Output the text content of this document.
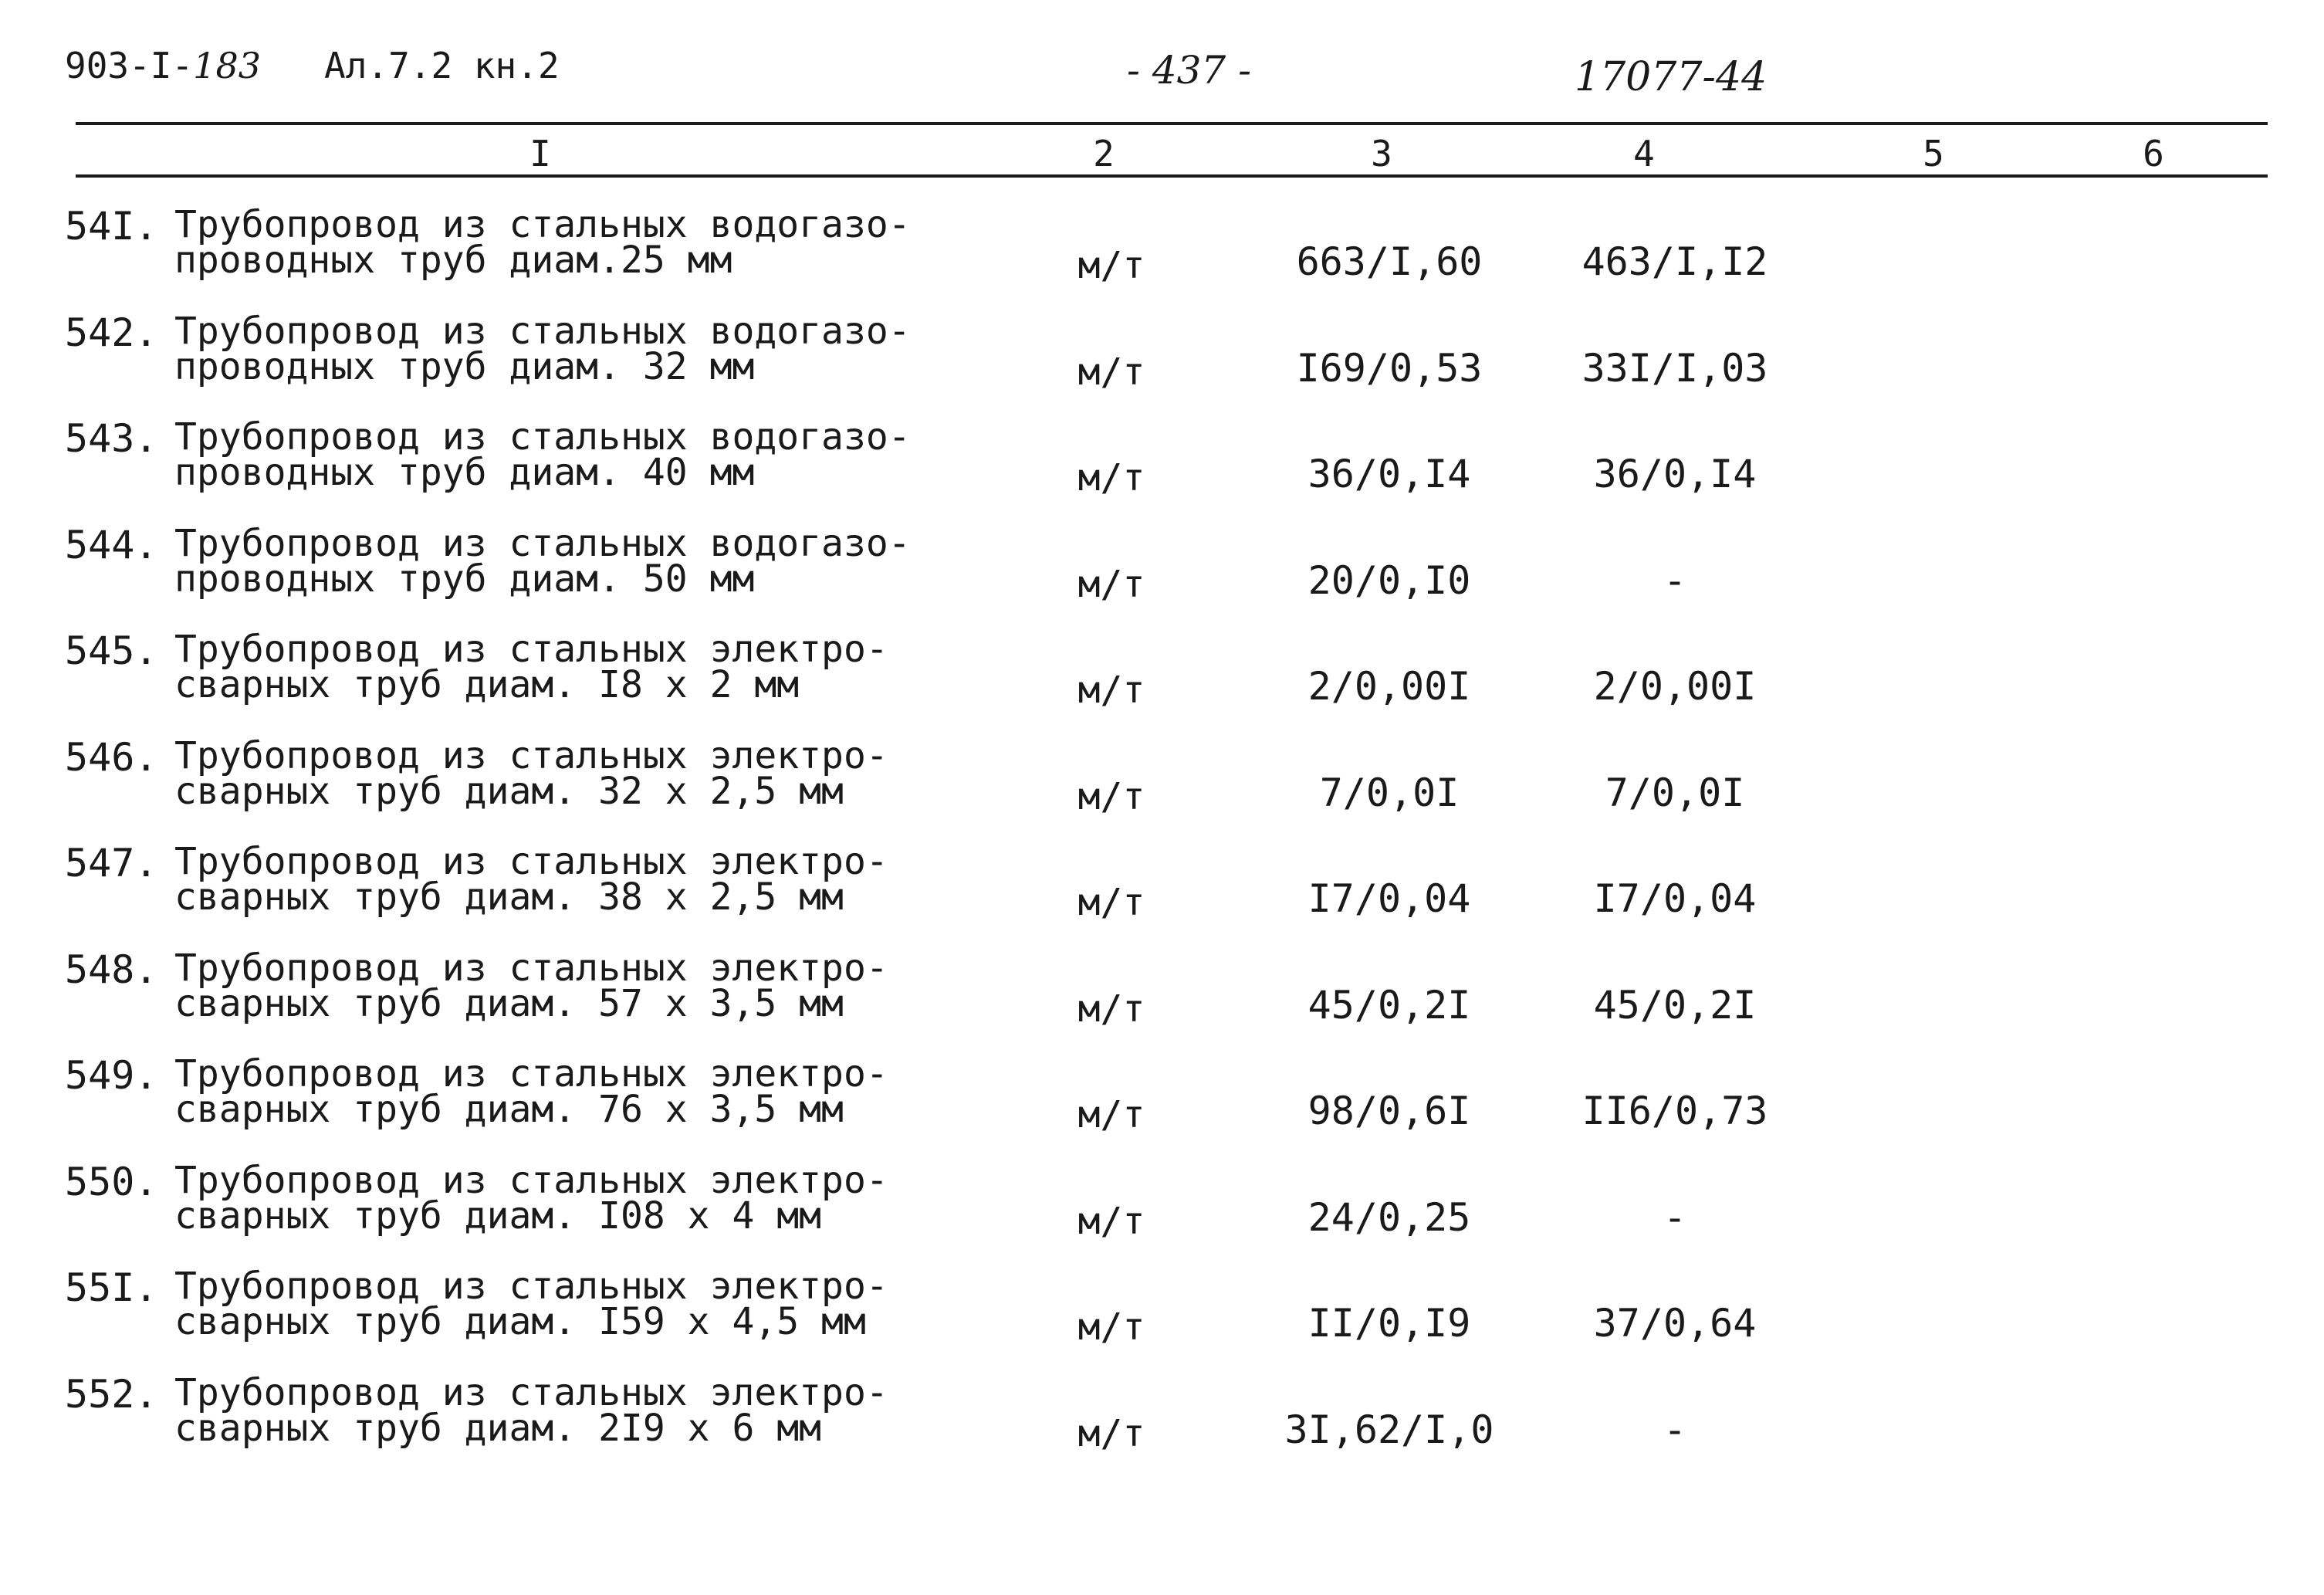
903-I-183 Ал.7.2 кн.2	- 437 -	17077-44
I	2	3	4	5	6
54I. Трубопровод из стальных водогазо-
проводных труб диам.25 мм	м/т	663/I,60	463/I,I2
542. Трубопровод из стальных водогазо-
проводных труб диам. 32 мм	м/т	I69/0,53	33I/I,03
543. Трубопровод из стальных водогазо-
проводных труб диам. 40 мм	м/т	36/0,I4	36/0,I4
544. Трубопровод из стальных водогазо-
проводных труб диам. 50 мм	м/т	20/0,I0	-
545. Трубопровод из стальных электро-
сварных труб диам. I8 х 2 мм	м/т	2/0,00I	2/0,00I
546. Трубопровод из стальных электро-
сварных труб диам. 32 х 2,5 мм	м/т	7/0,0I	7/0,0I
547. Трубопровод из стальных электро-
сварных труб диам. 38 х 2,5 мм	м/т	I7/0,04	I7/0,04
548. Трубопровод из стальных электро-
сварных труб диам. 57 х 3,5 мм	м/т	45/0,2I	45/0,2I
549. Трубопровод из стальных электро-
сварных труб диам. 76 х 3,5 мм	м/т	98/0,6I	II6/0,73
550. Трубопровод из стальных электро-
сварных труб диам. I08 х 4 мм	м/т	24/0,25	-
55I. Трубопровод из стальных электро-
сварных труб диам. I59 х 4,5 мм	м/т	II/0,I9	37/0,64
552. Трубопровод из стальных электро-
сварных труб диам. 2I9 х 6 мм	м/т	3I,62/I,0	-
